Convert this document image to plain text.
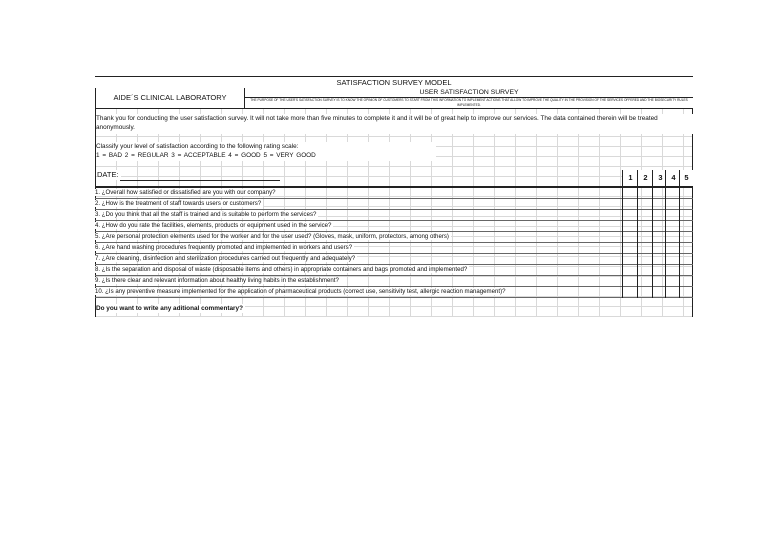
SATISFACTION SURVEY MODEL
AIDE´S CLINICAL LABORATORY
USER SATISFACTION SURVEY
THE PURPOSE OF THE USER'S SATISFACTION SURVEY IS TO KNOW THE OPINION OF CUSTOMERS TO START FROM THIS INFORMATION TO IMPLEMENT ACTIONS THAT ALLOW TO IMPROVE THE QUALITY IN THE PROVISION OF THE SERVICES OFFERED AND THE BIOSECURITY RULES IMPLEMENTED.
Thank you for conducting the user satisfaction survey. It will not take more than five minutes to complete it and it will be of great help to improve our services. The data contained therein will be treated anonymously.
Classify your level of satisfaction according to the following rating scale:
1 = BAD 2 = REGULAR 3 = ACCEPTABLE 4 = GOOD 5 = VERY GOOD
DATE:	1	2	3	4	5
1. ¿Overall how satisfied or dissatisfied are you with our company?
2. ¿How is the treatment of staff towards users or customers?
3. ¿Do you think that all the staff is trained and is suitable to perform the services?
4. ¿How do you rate the facilities, elements, products or equipment used in the service?
5. ¿Are personal protection elements used for the worker and for the user used? (Gloves, mask, uniform, protectors, among others)
6. ¿Are hand washing procedures frequently promoted and implemented in workers and users?
7. ¿Are cleaning, disinfection and sterilization procedures carried out frequently and adequately?
8. ¿Is the separation and disposal of waste (disposable items and others) in appropriate containers and bags promoted and implemented?
9. ¿Is there clear and relevant information about healthy living habits in the establishment?
10. ¿Is any preventive measure implemented for the application of pharmaceutical products (correct use, sensitivity test, allergic reaction management)?
Do you want to write any aditional commentary?
